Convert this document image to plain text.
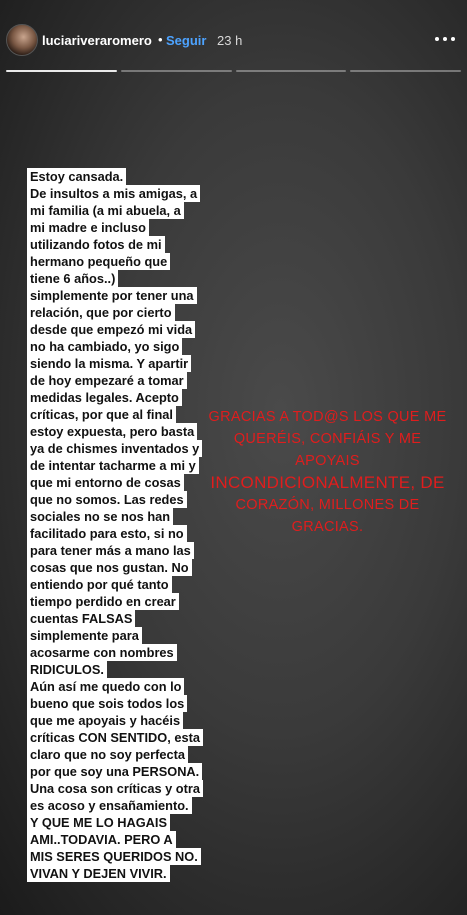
luciariveraromero • Seguir 23 h
Estoy cansada.
De insultos a mis amigas, a
mi familia (a mi abuela, a
mi madre e incluso
utilizando fotos de mi
hermano pequeño que
tiene 6 años..)
simplemente por tener una
relación, que por cierto
desde que empezó mi vida
no ha cambiado, yo sigo
siendo la misma. Y apartir
de hoy empezaré a tomar
medidas legales. Acepto
críticas, por que al final
estoy expuesta, pero basta
ya de chismes inventados y
de intentar tacharme a mi y
que mi entorno de cosas
que no somos. Las redes
sociales no se nos han
facilitado para esto, si no
para tener más a mano las
cosas que nos gustan. No
entiendo por qué tanto
tiempo perdido en crear
cuentas FALSAS
simplemente para
acosarme con nombres
RIDICULOS.
Aún así me quedo con lo
bueno que sois todos los
que me apoyais y hacéis
críticas CON SENTIDO, esta
claro que no soy perfecta
por que soy una PERSONA.
Una cosa son críticas y otra
es acoso y ensañamiento.
Y QUE ME LO HAGAIS
AMI..TODAVIA. PERO A
MIS SERES QUERIDOS NO.
VIVAN Y DEJEN VIVIR.
GRACIAS A TOD@S LOS QUE ME
QUERÉIS, CONFIÁIS Y ME APOYAIS
INCONDICIONALMENTE, DE
CORAZÓN, MILLONES DE GRACIAS.
